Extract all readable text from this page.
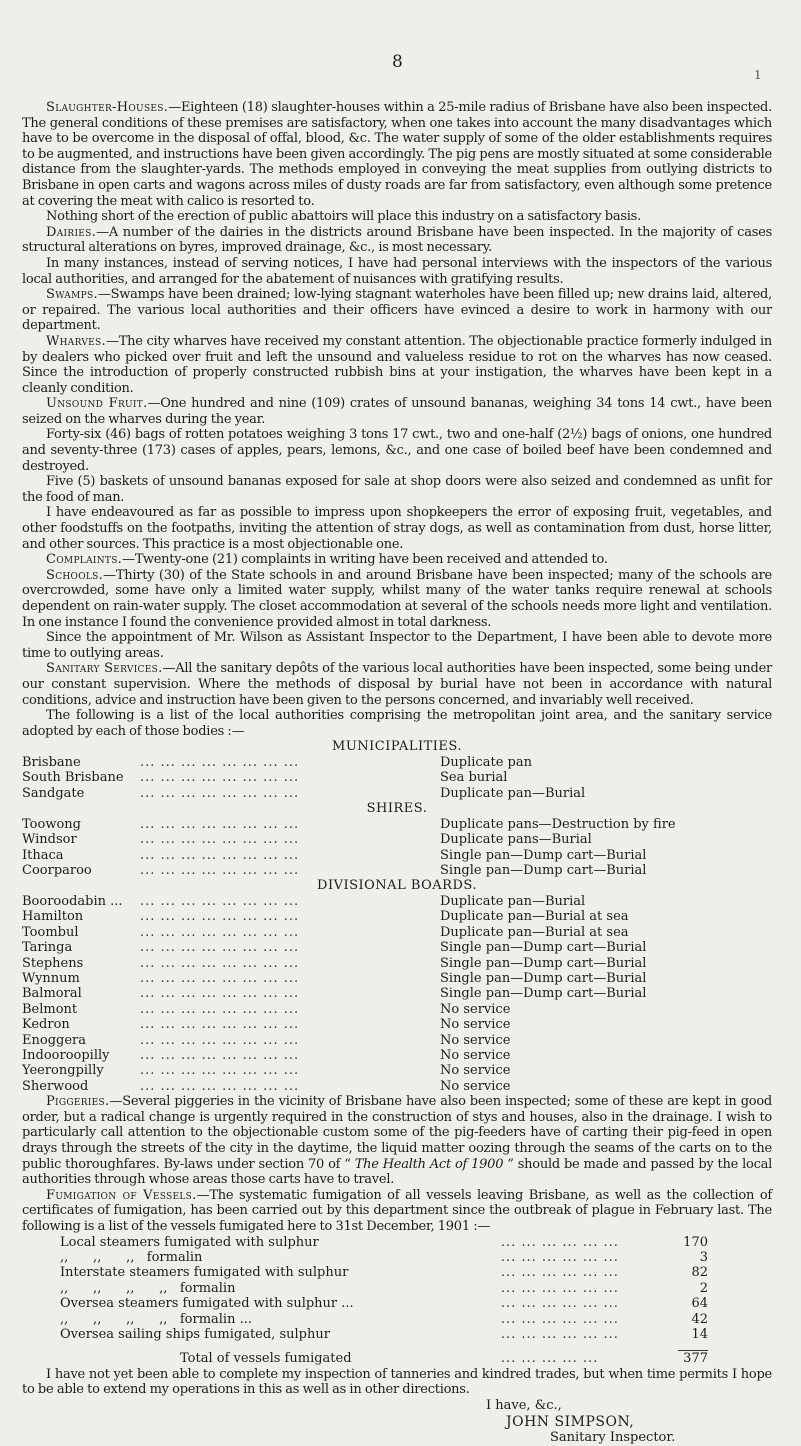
8
1

Slaughter-Houses.—Eighteen (18) slaughter-houses within a 25-mile radius of Brisbane have also been inspected. The general conditions of these premises are satisfactory, when one takes into account the many disadvantages which have to be overcome in the disposal of offal, blood, &c. The water supply of some of the older establishments requires to be augmented, and instructions have been given accordingly. The pig pens are mostly situated at some considerable distance from the slaughter-yards. The methods employed in conveying the meat supplies from outlying districts to Brisbane in open carts and wagons across miles of dusty roads are far from satisfactory, even although some pretence at covering the meat with calico is resorted to.

Nothing short of the erection of public abattoirs will place this industry on a satisfactory basis.

Dairies.—A number of the dairies in the districts around Brisbane have been inspected. In the majority of cases structural alterations on byres, improved drainage, &c., is most necessary.

In many instances, instead of serving notices, I have had personal interviews with the inspectors of the various local authorities, and arranged for the abatement of nuisances with gratifying results.

Swamps.—Swamps have been drained; low-lying stagnant waterholes have been filled up; new drains laid, altered, or repaired. The various local authorities and their officers have evinced a desire to work in harmony with our department.

Wharves.—The city wharves have received my constant attention. The objectionable practice formerly indulged in by dealers who picked over fruit and left the unsound and valueless residue to rot on the wharves has now ceased. Since the introduction of properly constructed rubbish bins at your instigation, the wharves have been kept in a cleanly condition.

Unsound Fruit.—One hundred and nine (109) crates of unsound bananas, weighing 34 tons 14 cwt., have been seized on the wharves during the year.

Forty-six (46) bags of rotten potatoes weighing 3 tons 17 cwt., two and one-half (2½) bags of onions, one hundred and seventy-three (173) cases of apples, pears, lemons, &c., and one case of boiled beef have been condemned and destroyed.

Five (5) baskets of unsound bananas exposed for sale at shop doors were also seized and condemned as unfit for the food of man.

I have endeavoured as far as possible to impress upon shopkeepers the error of exposing fruit, vegetables, and other foodstuffs on the footpaths, inviting the attention of stray dogs, as well as contamination from dust, horse litter, and other sources. This practice is a most objectionable one.

Complaints.—Twenty-one (21) complaints in writing have been received and attended to.

Schools.—Thirty (30) of the State schools in and around Brisbane have been inspected; many of the schools are overcrowded, some have only a limited water supply, whilst many of the water tanks require renewal at schools dependent on rain-water supply. The closet accommodation at several of the schools needs more light and ventilation. In one instance I found the convenience provided almost in total darkness.

Since the appointment of Mr. Wilson as Assistant Inspector to the Department, I have been able to devote more time to outlying areas.

Sanitary Services.—All the sanitary depôts of the various local authorities have been inspected, some being under our constant supervision. Where the methods of disposal by burial have not been in accordance with natural conditions, advice and instruction have been given to the persons concerned, and invariably well received.

The following is a list of the local authorities comprising the metropolitan joint area, and the sanitary service adopted by each of those bodies :—

MUNICIPALITIES.
Brisbane	... ... ... ... ... ... ... ...	Duplicate pan
South Brisbane	... ... ... ... ... ... ... ...	Sea burial
Sandgate	... ... ... ... ... ... ... ...	Duplicate pan—Burial
SHIRES.
Toowong	... ... ... ... ... ... ... ...	Duplicate pans—Destruction by fire
Windsor	... ... ... ... ... ... ... ...	Duplicate pans—Burial
Ithaca	... ... ... ... ... ... ... ...	Single pan—Dump cart—Burial
Coorparoo	... ... ... ... ... ... ... ...	Single pan—Dump cart—Burial
DIVISIONAL BOARDS.
Booroodabin ...	... ... ... ... ... ... ... ...	Duplicate pan—Burial
Hamilton	... ... ... ... ... ... ... ...	Duplicate pan—Burial at sea
Toombul	... ... ... ... ... ... ... ...	Duplicate pan—Burial at sea
Taringa	... ... ... ... ... ... ... ...	Single pan—Dump cart—Burial
Stephens	... ... ... ... ... ... ... ...	Single pan—Dump cart—Burial
Wynnum	... ... ... ... ... ... ... ...	Single pan—Dump cart—Burial
Balmoral	... ... ... ... ... ... ... ...	Single pan—Dump cart—Burial
Belmont	... ... ... ... ... ... ... ...	No service
Kedron	... ... ... ... ... ... ... ...	No service
Enoggera	... ... ... ... ... ... ... ...	No service
Indooroopilly	... ... ... ... ... ... ... ...	No service
Yeerongpilly	... ... ... ... ... ... ... ...	No service
Sherwood	... ... ... ... ... ... ... ...	No service

Piggeries.—Several piggeries in the vicinity of Brisbane have also been inspected; some of these are kept in good order, but a radical change is urgently required in the construction of stys and houses, also in the drainage. I wish to particularly call attention to the objectionable custom some of the pig-feeders have of carting their pig-feed in open drays through the streets of the city in the daytime, the liquid matter oozing through the seams of the carts on to the public thoroughfares. By-laws under section 70 of “ The Health Act of 1900 ” should be made and passed by the local authorities through whose areas those carts have to travel.

Fumigation of Vessels.—The systematic fumigation of all vessels leaving Brisbane, as well as the collection of certificates of fumigation, has been carried out by this department since the outbreak of plague in February last. The following is a list of the vessels fumigated here to 31st December, 1901 :—

Local steamers fumigated with sulphur	... ... ... ... ... ...	170
,,      ,,      ,,   formalin	... ... ... ... ... ...	3
Interstate steamers fumigated with sulphur	... ... ... ... ... ...	82
,,      ,,      ,,      ,,   formalin	... ... ... ... ... ...	2
Oversea steamers fumigated with sulphur ...	... ... ... ... ... ...	64
,,      ,,      ,,      ,,   formalin ...	... ... ... ... ... ...	42
Oversea sailing ships fumigated, sulphur	... ... ... ... ... ...	14

Total of vessels fumigated	... ... ... ... ...	377

I have not yet been able to complete my inspection of tanneries and kindred trades, but when time permits I hope to be able to extend my operations in this as well as in other directions.

I have, &c.,
JOHN SIMPSON,
Sanitary Inspector.
